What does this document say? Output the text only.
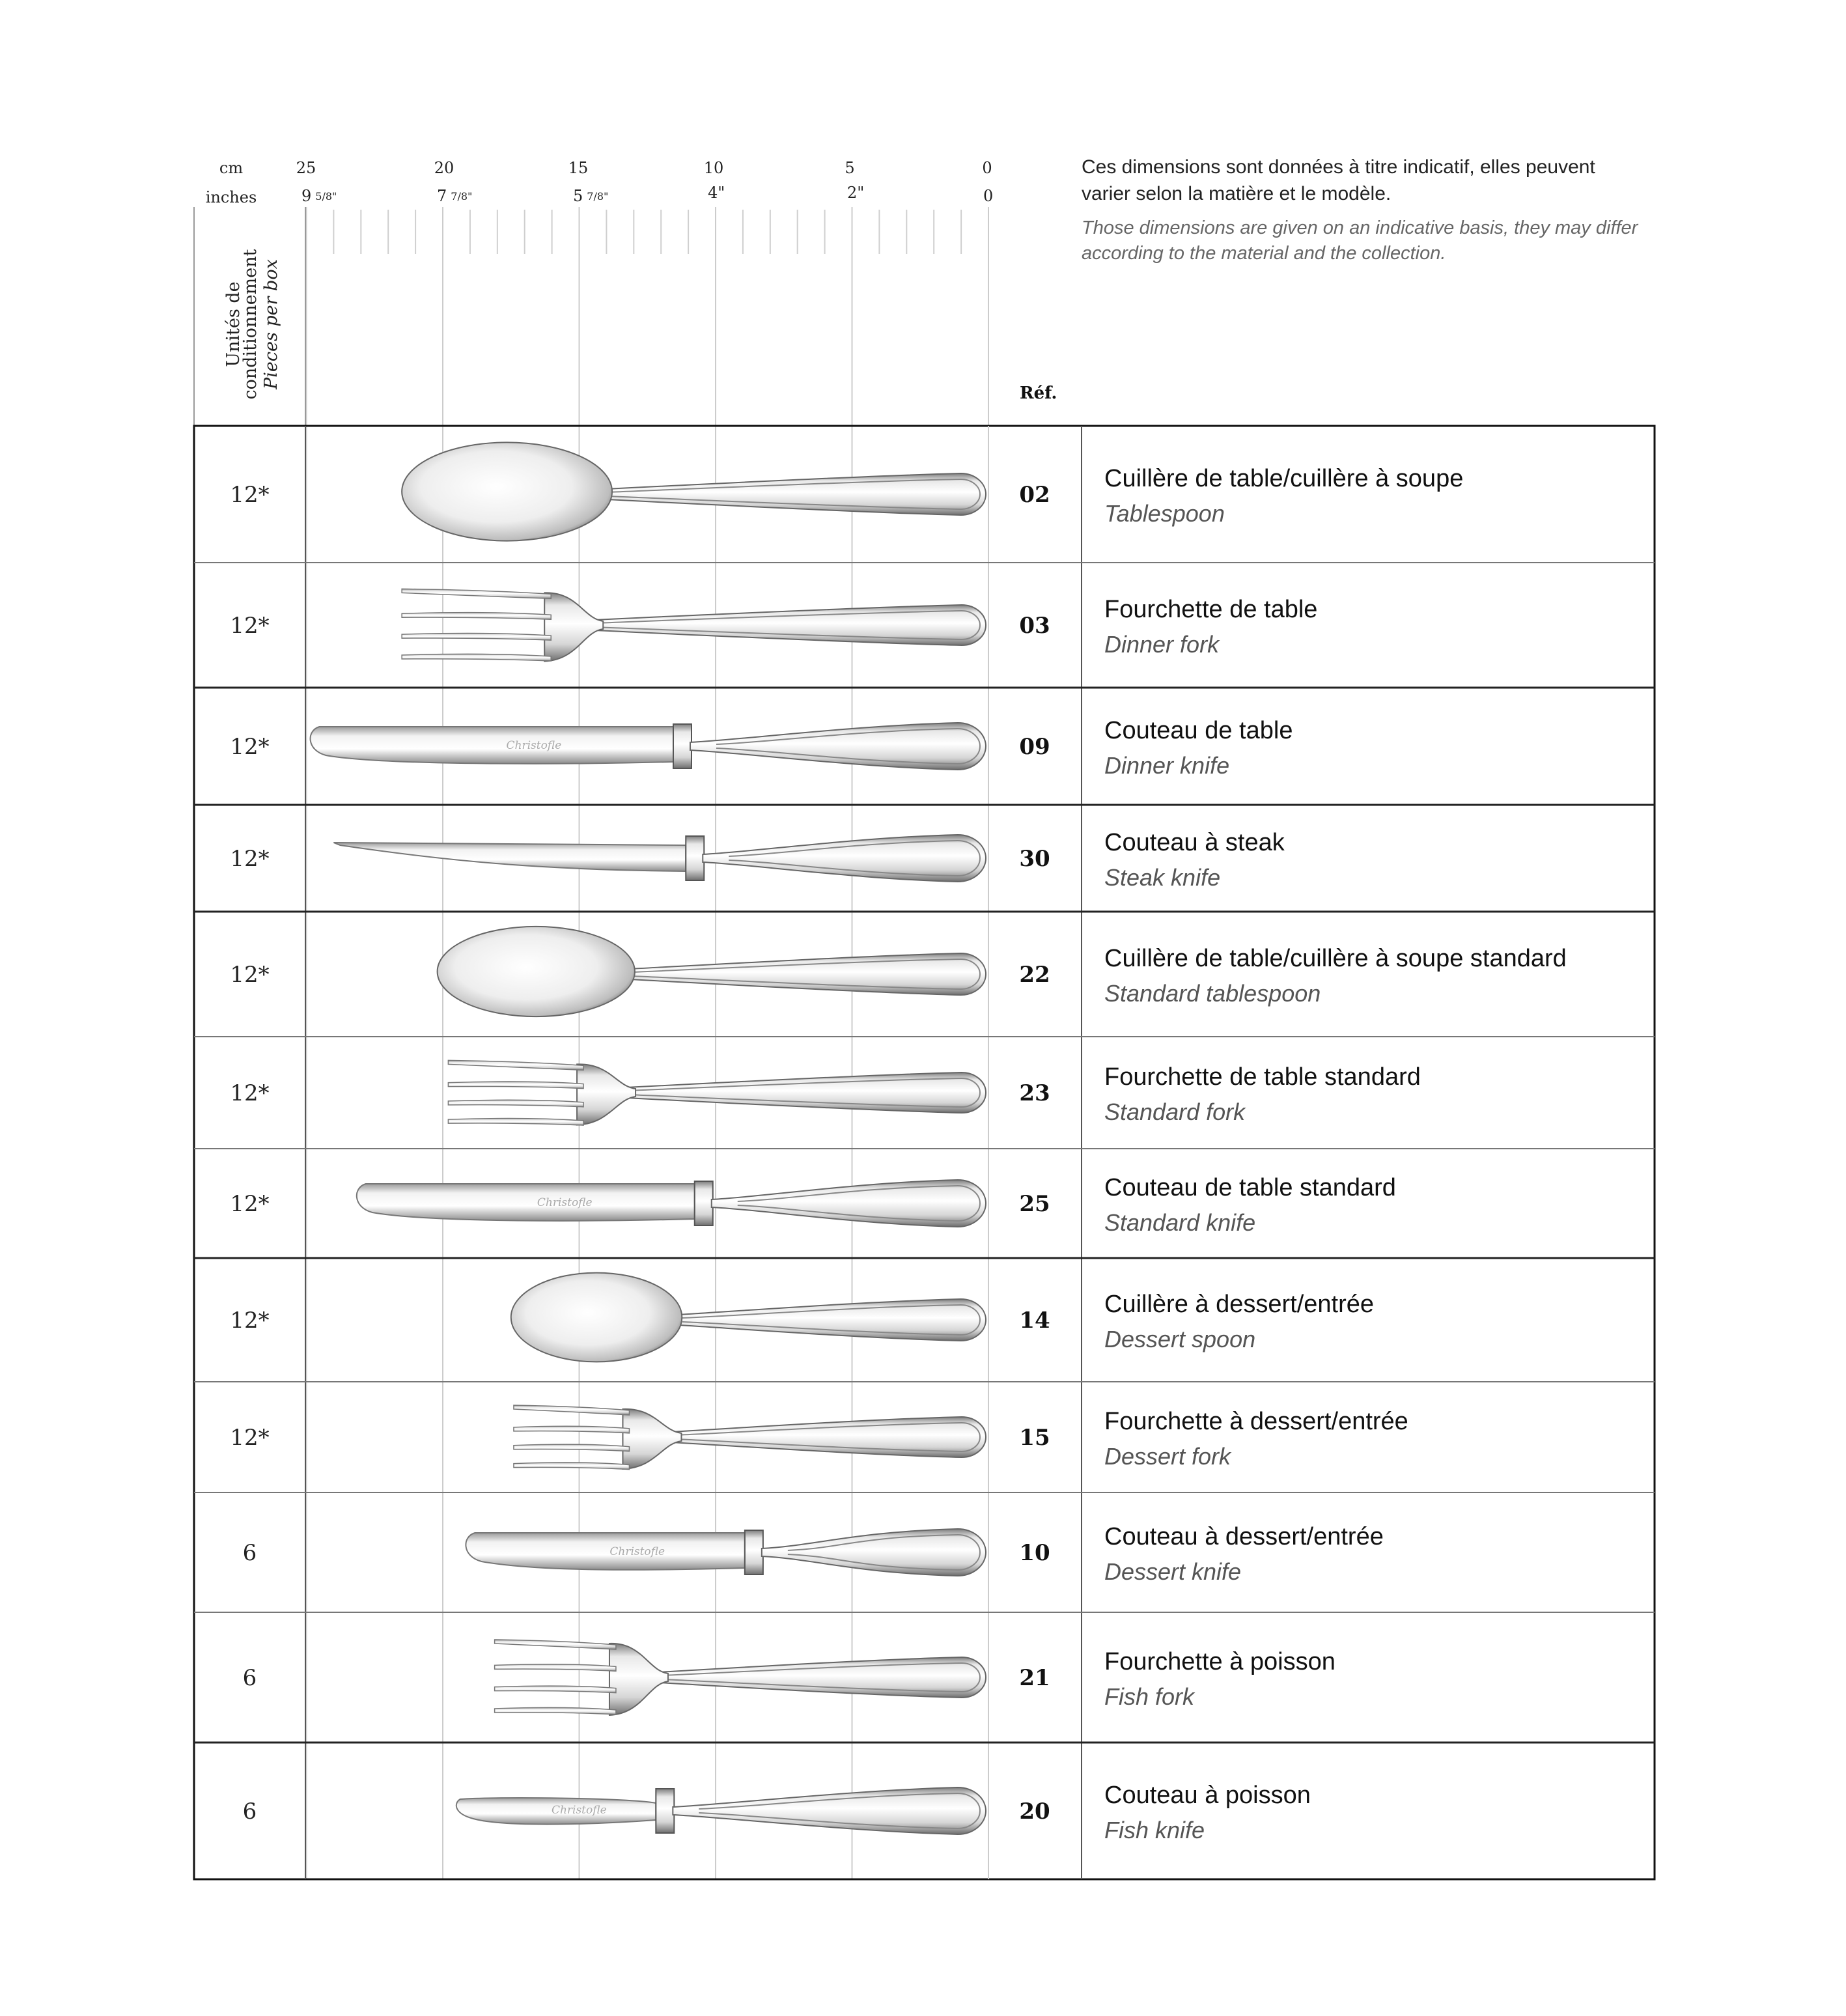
cm
inches
25	20	15	10	5	0
9 5/8"	7 7/8"	5 7/8"	4"	2"	0
Unités de
conditionnement Pieces per box
Réf.
Ces dimensions sont données à titre indicatif, elles peuvent
varier selon la matière et le modèle.
Those dimensions are given on an indicative basis, they may differ
according to the material and the collection.
12*	02
Cuillère de table/cuillère à soupe
Tablespoon
12*	03
Fourchette de table
Dinner fork
12*	Christofle	09
Couteau de table
Dinner knife
12*	30
Couteau à steak
Steak knife
12*	22
Cuillère de table/cuillère à soupe standard
Standard tablespoon
12*	23
Fourchette de table standard
Standard fork
12*	Christofle	25
Couteau de table standard
Standard knife
12*	14
Cuillère à dessert/entrée
Dessert spoon
12*	15
Fourchette à dessert/entrée
Dessert fork
6	Christofle	10
Couteau à dessert/entrée
Dessert knife
6	21
Fourchette à poisson
Fish fork
6	Christofle	20
Couteau à poisson
Fish knife
